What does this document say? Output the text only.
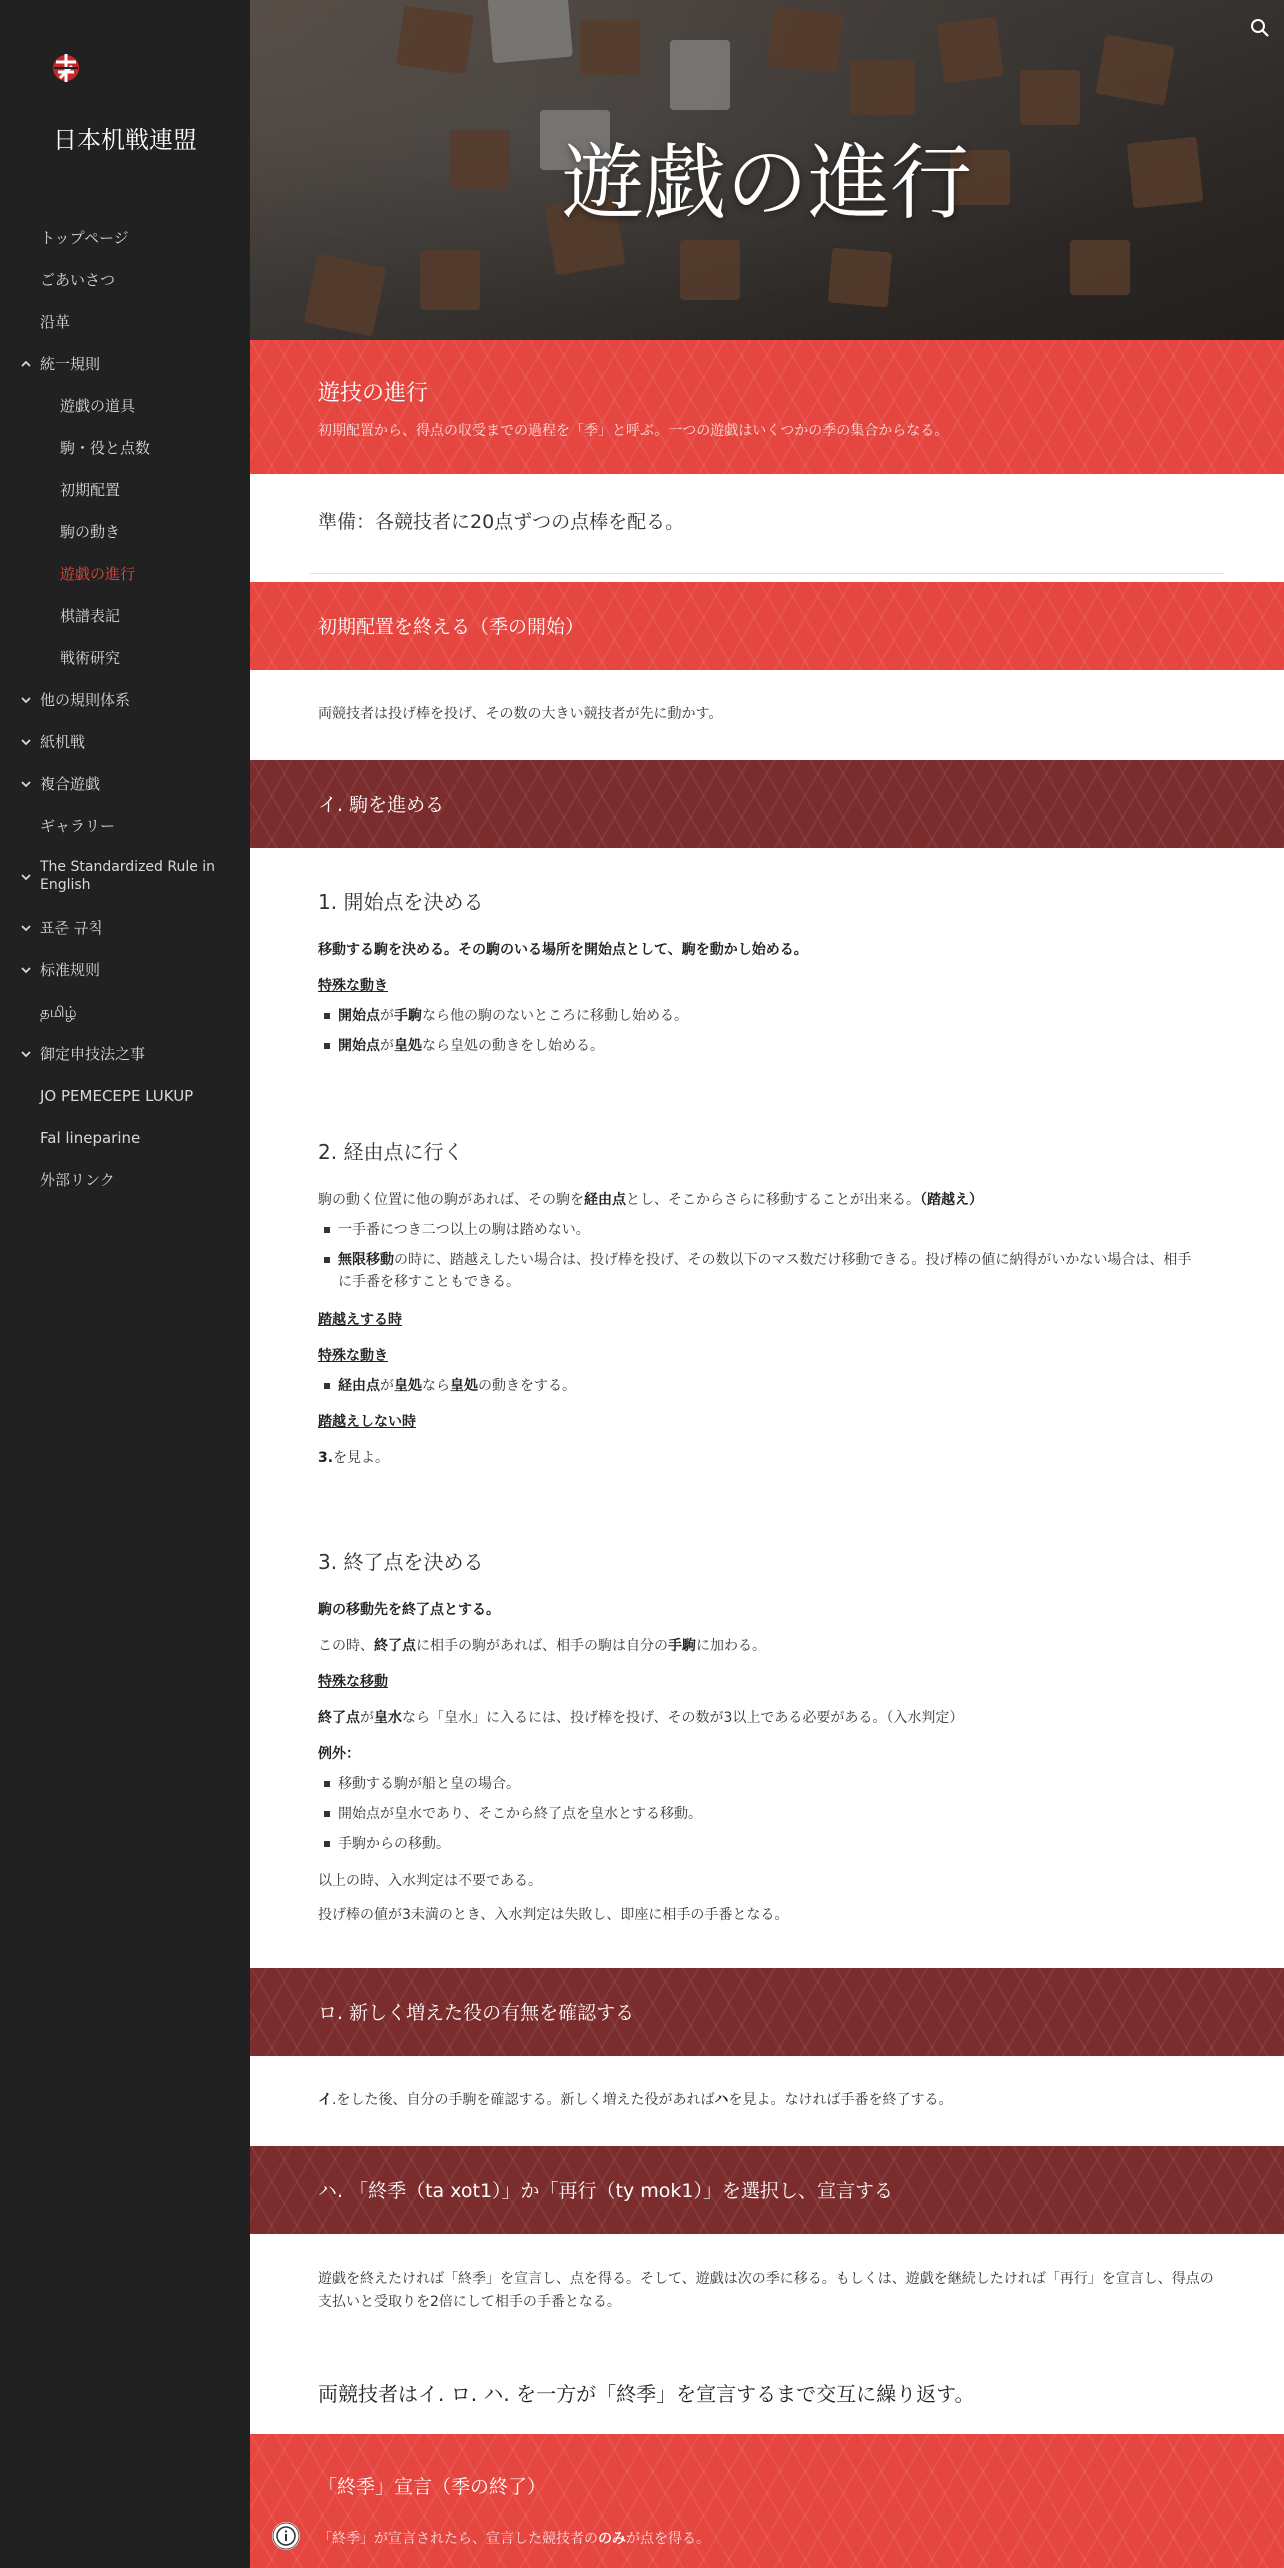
日本机戦連盟
トップページ
ごあいさつ
沿革
統一規則
遊戯の道具
駒・役と点数
初期配置
駒の動き
遊戯の進行
棋譜表記
戦術研究
他の規則体系
紙机戦
複合遊戯
ギャラリー
The Standardized Rule in English
표준 규칙
标准规则
தமிழ்
御定申技法之事
JO PEMECEPE LUKUP
Fal lineparine
外部リンク
遊戯の進行
遊技の進行
初期配置から、得点の収受までの過程を「季」と呼ぶ。一つの遊戯はいくつかの季の集合からなる。
準備：各競技者に20点ずつの点棒を配る。
初期配置を終える（季の開始）
両競技者は投げ棒を投げ、その数の大きい競技者が先に動かす。
イ. 駒を進める
1. 開始点を決める
移動する駒を決める。その駒のいる場所を開始点として、駒を動かし始める。
特殊な動き
開始点が手駒なら他の駒のないところに移動し始める。
開始点が皇処なら皇処の動きをし始める。
2. 経由点に行く
駒の動く位置に他の駒があれば、その駒を経由点とし、そこからさらに移動することが出来る。（踏越え）
一手番につき二つ以上の駒は踏めない。
無限移動の時に、踏越えしたい場合は、投げ棒を投げ、その数以下のマス数だけ移動できる。投げ棒の値に納得がいかない場合は、相手に手番を移すこともできる。
踏越えする時
特殊な動き
経由点が皇処なら皇処の動きをする。
踏越えしない時
3.を見よ。
3. 終了点を決める
駒の移動先を終了点とする。
この時、終了点に相手の駒があれば、相手の駒は自分の手駒に加わる。
特殊な移動
終了点が皇水なら「皇水」に入るには、投げ棒を投げ、その数が3以上である必要がある。（入水判定）
例外：
移動する駒が船と皇の場合。
開始点が皇水であり、そこから終了点を皇水とする移動。
手駒からの移動。
以上の時、入水判定は不要である。
投げ棒の値が3未満のとき、入水判定は失敗し、即座に相手の手番となる。
ロ. 新しく増えた役の有無を確認する
イ.をした後、自分の手駒を確認する。新しく増えた役があればハを見よ。なければ手番を終了する。
ハ. 「終季（ta xot1）」か「再行（ty mok1）」を選択し、宣言する
遊戯を終えたければ「終季」を宣言し、点を得る。そして、遊戯は次の季に移る。もしくは、遊戯を継続したければ「再行」を宣言し、得点の支払いと受取りを2倍にして相手の手番となる。
両競技者はイ. ロ. ハ. を一方が「終季」を宣言するまで交互に繰り返す。
「終季」宣言（季の終了）
「終季」が宣言されたら、宣言した競技者ののみが点を得る。
